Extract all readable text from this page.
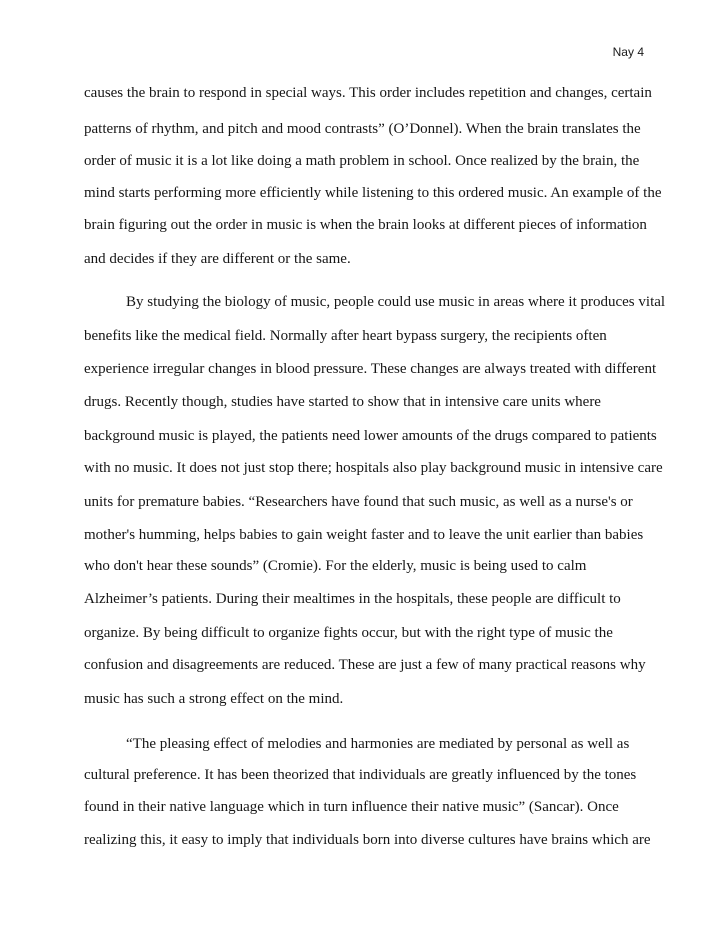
Nay 4
causes the brain to respond in special ways. This order includes repetition and changes, certain
patterns of rhythm, and pitch and mood contrasts” (O’Donnel). When the brain translates the
order of music it is a lot like doing a math problem in school. Once realized by the brain, the
mind starts performing more efficiently while listening to this ordered music. An example of the
brain figuring out the order in music is when the brain looks at different pieces of information
and decides if they are different or the same.
By studying the biology of music, people could use music in areas where it produces vital
benefits like the medical field. Normally after heart bypass surgery, the recipients often
experience irregular changes in blood pressure. These changes are always treated with different
drugs. Recently though, studies have started to show that in intensive care units where
background music is played, the patients need lower amounts of the drugs compared to patients
with no music. It does not just stop there; hospitals also play background music in intensive care
units for premature babies. “Researchers have found that such music, as well as a nurse's or
mother's humming, helps babies to gain weight faster and to leave the unit earlier than babies
who don't hear these sounds” (Cromie). For the elderly, music is being used to calm
Alzheimer’s patients. During their mealtimes in the hospitals, these people are difficult to
organize. By being difficult to organize fights occur, but with the right type of music the
confusion and disagreements are reduced. These are just a few of many practical reasons why
music has such a strong effect on the mind.
“The pleasing effect of melodies and harmonies are mediated by personal as well as
cultural preference. It has been theorized that individuals are greatly influenced by the tones
found in their native language which in turn influence their native music” (Sancar). Once
realizing this, it easy to imply that individuals born into diverse cultures have brains which are
